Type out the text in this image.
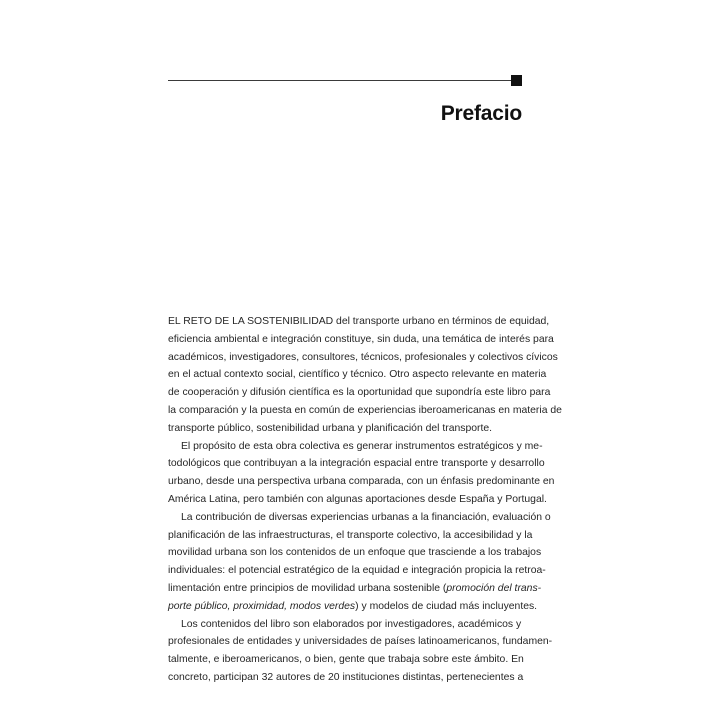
Prefacio
EL RETO DE LA SOSTENIBILIDAD del transporte urbano en términos de equidad,
eficiencia ambiental e integración constituye, sin duda, una temática de interés para
académicos, investigadores, consultores, técnicos, profesionales y colectivos cívicos
en el actual contexto social, científico y técnico. Otro aspecto relevante en materia
de cooperación y difusión científica es la oportunidad que supondría este libro para
la comparación y la puesta en común de experiencias iberoamericanas en materia de
transporte público, sostenibilidad urbana y planificación del transporte.
El propósito de esta obra colectiva es generar instrumentos estratégicos y me-
todológicos que contribuyan a la integración espacial entre transporte y desarrollo
urbano, desde una perspectiva urbana comparada, con un énfasis predominante en
América Latina, pero también con algunas aportaciones desde España y Portugal.
La contribución de diversas experiencias urbanas a la financiación, evaluación o
planificación de las infraestructuras, el transporte colectivo, la accesibilidad y la
movilidad urbana son los contenidos de un enfoque que trasciende a los trabajos
individuales: el potencial estratégico de la equidad e integración propicia la retroa-
limentación entre principios de movilidad urbana sostenible (promoción del trans-
porte público, proximidad, modos verdes) y modelos de ciudad más incluyentes.
Los contenidos del libro son elaborados por investigadores, académicos y
profesionales de entidades y universidades de países latinoamericanos, fundamen-
talmente, e iberoamericanos, o bien, gente que trabaja sobre este ámbito. En
concreto, participan 32 autores de 20 instituciones distintas, pertenecientes a
